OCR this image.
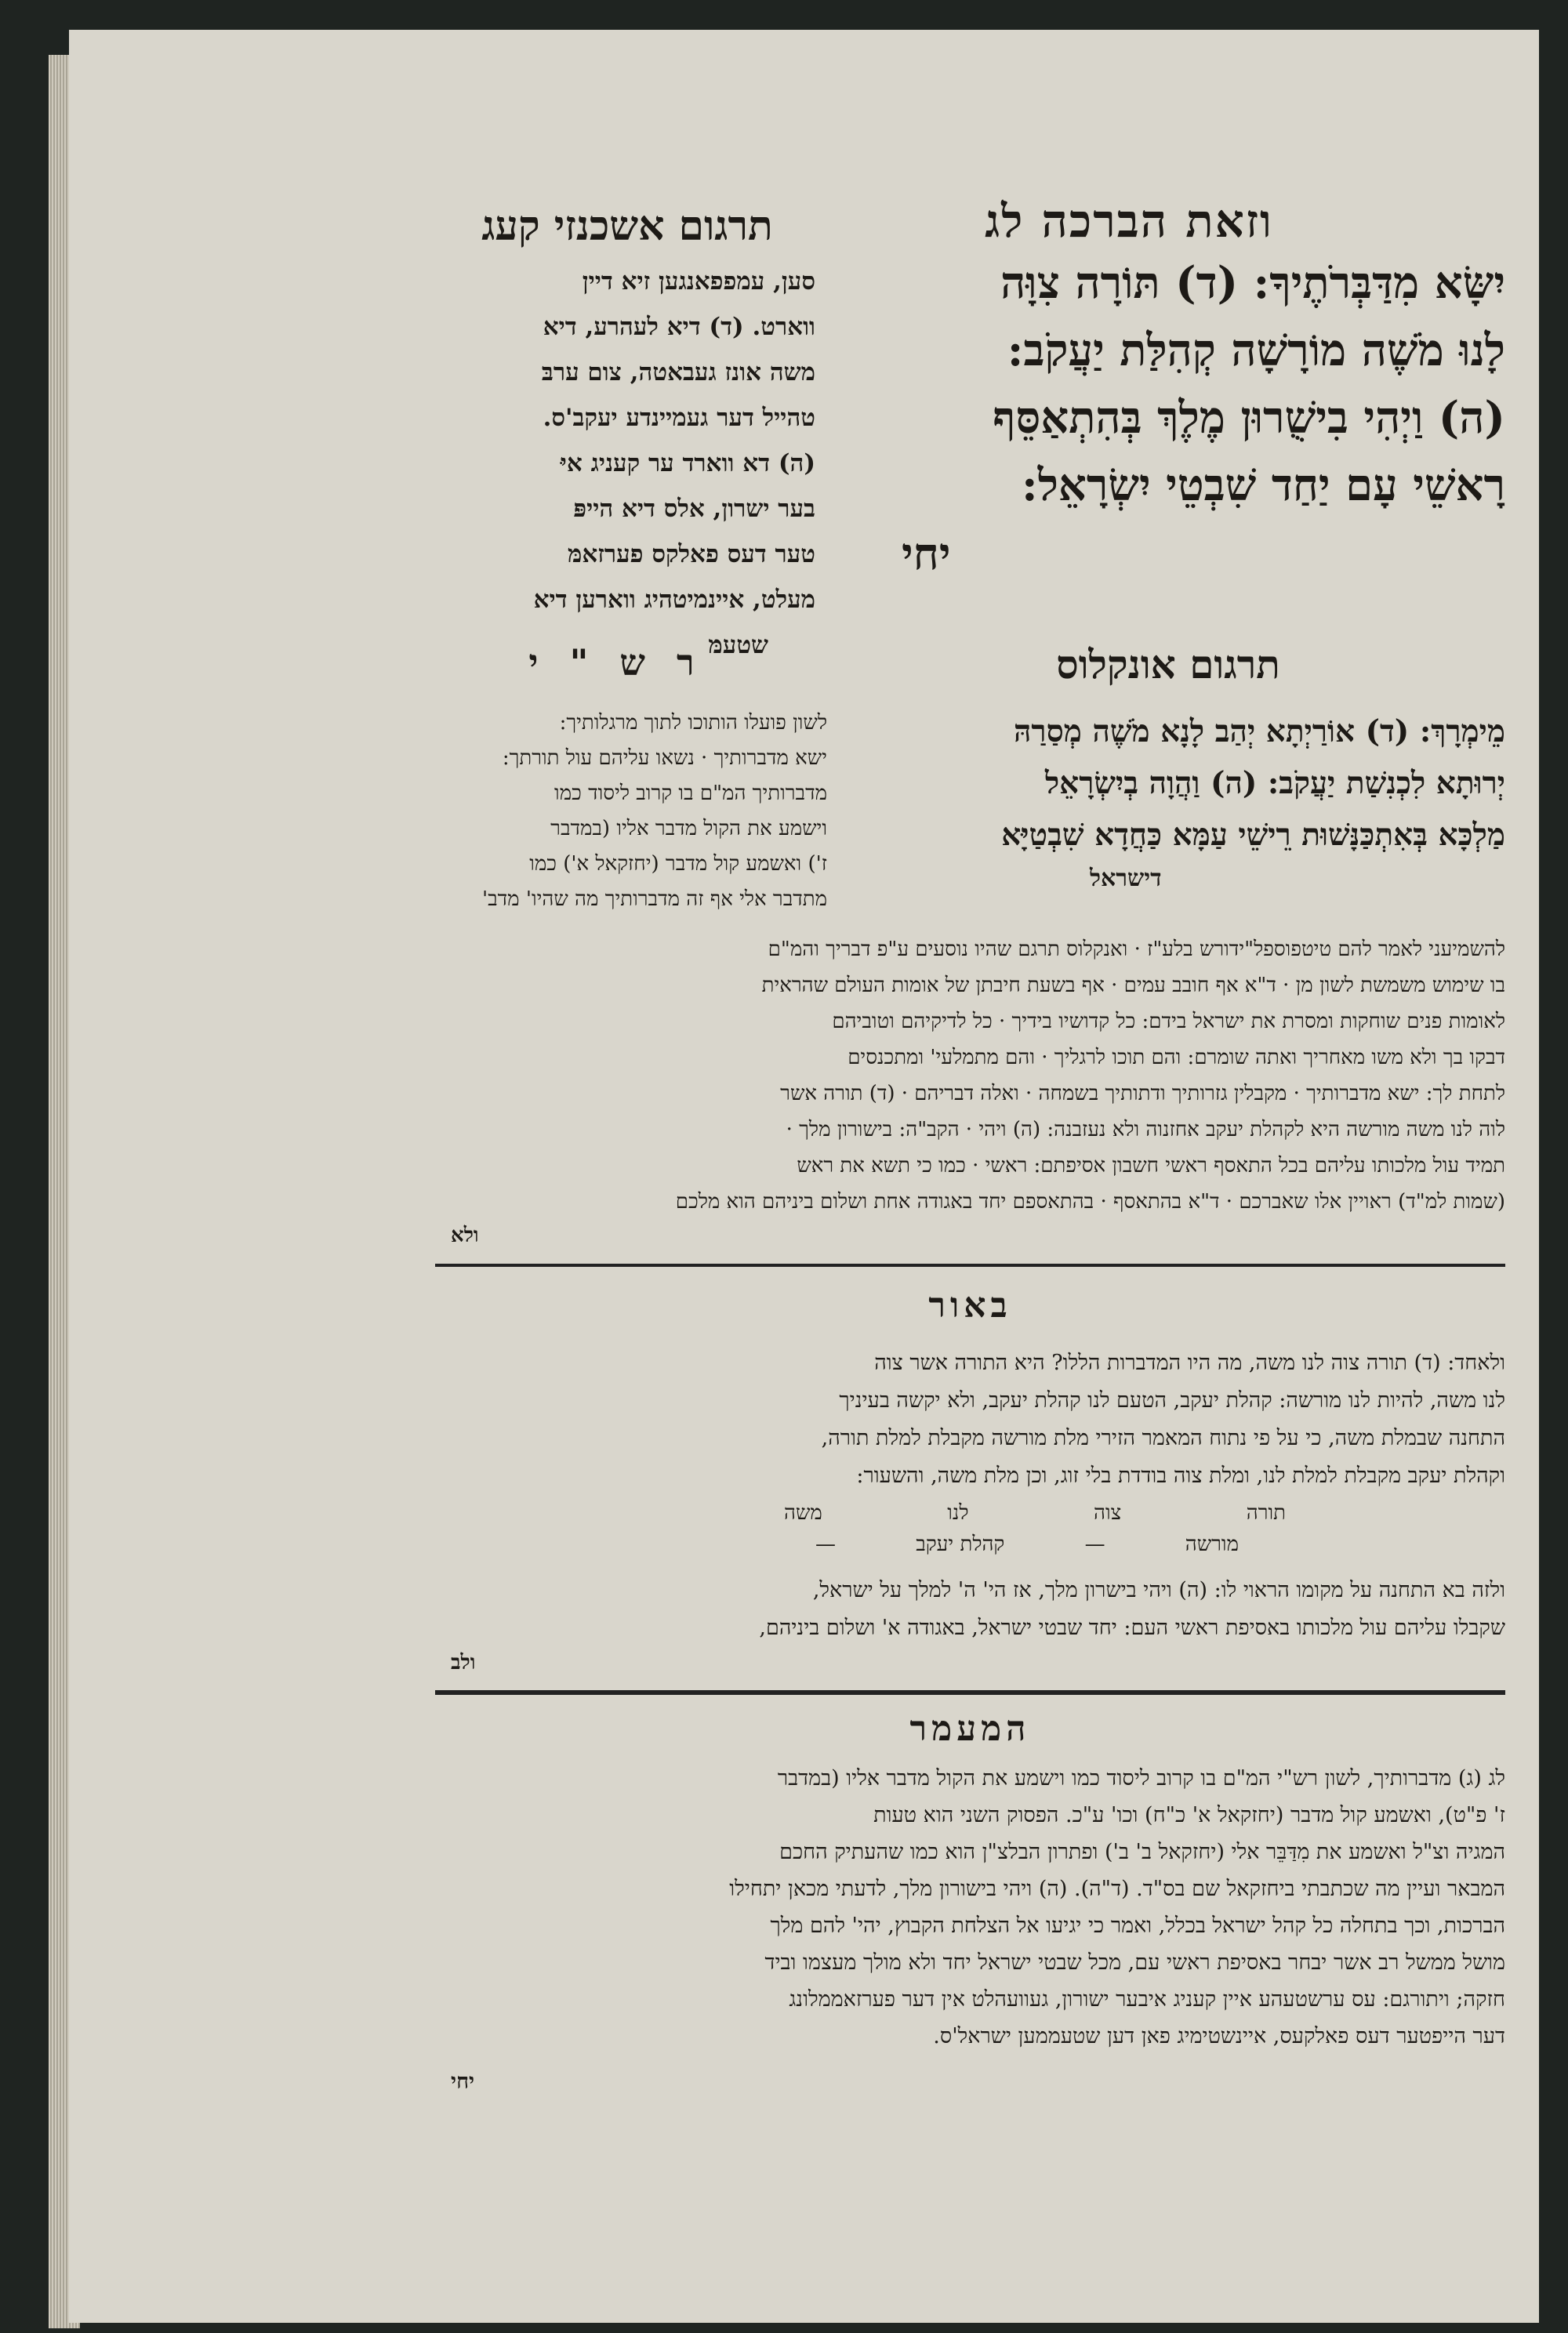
וזאת הברכה לג
תרגום אשכנזי קעג
יִשָּׂא מִדַּבְּרֹתֶיךָ: (ד) תּוֹרָה צִוָּה
לָנוּ מֹשֶׁה מוֹרָשָׁה קְהִלַּת יַעֲקֹב:
(ה) וַיְהִי בִישֻׁרוּן מֶלֶךְ בְּהִתְאַסֵּף
רָאשֵׁי עָם יַחַד שִׁבְטֵי יִשְׂרָאֵל:
יחי
סען, עמפפאנגען זיא דיין
ווארט. (ד) דיא לעהרע, דיא
משה אונז געבאטה, צום ערבּ
טהייל דער געמיינדע יעקב'ס.
(ה) דא ווארד ער קעניג איּ
בער ישרון, אלס דיא הייפּ
טער דעס פאלקס פערזאמּ
מעלט, איינמיטהיג ווארען דיא
שטעמּ	תרגום אונקלוס
מֵימְרָךְ: (ד) אוֹרַיְתָא יְהַב לָנָא מֹשֶׁה מְסַרַהּ
יְרוּתָא לִכְנִשַׁת יַעֲקֹב: (ה) וַהֲוָה בְיִשְׂרָאֵל
מַלְכָּא בְּאִתְכַּנָּשׁוּת רֵישֵׁי עַמָּא כַּחֲדָא שִׁבְטַיָּא
דישראל
רש"י
לשון פועלו הותוכו לתוך מרגלותיך:
ישא מדברותיך · נשאו עליהם עול תורתך:
מדברותיך המ"ם בו קרוב ליסוד כמו
וישמע את הקול מדבר אליו (במדבר
ז') ואשמע קול מדבר (יחזקאל א') כמו
מתדבר אלי אף זה מדברותיך מה שהיו' מדב'
להשמיעני לאמר להם טיטפוספל"ידורש בלע"ז · ואנקלוס תרגם שהיו נוסעים ע"פ דבריך והמ"ם
בו שימוש משמשת לשון מן · ד"א אף חובב עמים · אף בשעת חיבתן של אומות העולם שהראית
לאומות פנים שוחקות ומסרת את ישראל בידם: כל קדושיו בידיך · כל לדיקיהם וטוביהם
דבקו בך ולא משו מאחריך ואתה שומרם: והם תוכו לרגליך · והם מתמלעי' ומתכנסים
לתחת לך: ישא מדברותיך · מקבלין גזרותיך ודתותיך בשמחה · ואלה דבריהם · (ד) תורה אשר
לוה לנו משה מורשה היא לקהלת יעקב אחזנוה ולא נעזבנה: (ה) ויהי · הקב"ה: בישורון מלך ·
תמיד עול מלכותו עליהם בכל התאסף ראשי חשבון אסיפתם: ראשי · כמו כי תשא את ראש
(שמות למ"ד) ראויין אלו שאברכם · ד"א בהתאסף · בהתאספם יחד באגודה אחת ושלום ביניהם הוא מלכם
ולא
באור
ולאחד: (ד) תורה צוה לנו משה, מה היו המדברות הללו? היא התורה אשר צוה
לנו משה, להיות לנו מורשה: קהלת יעקב, הטעם לנו קהלת יעקב, ולא יקשה בעיניך
התחנה שבמלת משה, כי על פי נתוח המאמר הזירי מלת מורשה מקבלת למלת תורה,
וקהלת יעקב מקבלת למלת לנו, ומלת צוה בודדת בלי זוג, וכן מלת משה, והשעור:
תורה
צוה
לנו
משה
מורשה
—
קהלת יעקב
—
ולזה בא התחנה על מקומו הראוי לו: (ה) ויהי בישרון מלך, אז הי' ה' למלך על ישראל,
שקבלו עליהם עול מלכותו באסיפת ראשי העם: יחד שבטי ישראל, באגודה א' ושלום ביניהם,
ולב
המעמר
לג (ג) מדברותיך, לשון רש"י המ"ם בו קרוב ליסוד כמו וישמע את הקול מדבר אליו (במדבר
ז' פ"ט), ואשמע קול מדבר (יחזקאל א' כ"ח) וכו' ע"כ. הפסוק השני הוא טעות
המגיה וצ"ל ואשמע את מִדַּבֵּר אלי (יחזקאל ב' ב') ופתרון הבלצ"ן הוא כמו שהעתיק החכם
המבאר ועיין מה שכתבתי ביחזקאל שם בס"ד. (ד"ה). (ה) ויהי בישורון מלך, לדעתי מכאן יתחילו
הברכות, וכך בתחלה כל קהל ישראל בכלל, ואמר כי יגיעו אל הצלחת הקבוץ, יהי' להם מלך
מושל ממשל רב אשר יבחר באסיפת ראשי עם, מכל שבטי ישראל יחד ולא מולך מעצמו וביד
חזקה; ויתורגם: עס ערשטעהע איין קעניג איבער ישורון, געוועהלט אין דער פערזאממלונג
דער הייפטער דעס פאלקעס, איינשטימיג פאן דען שטעממען ישראל'ס.
יחי
